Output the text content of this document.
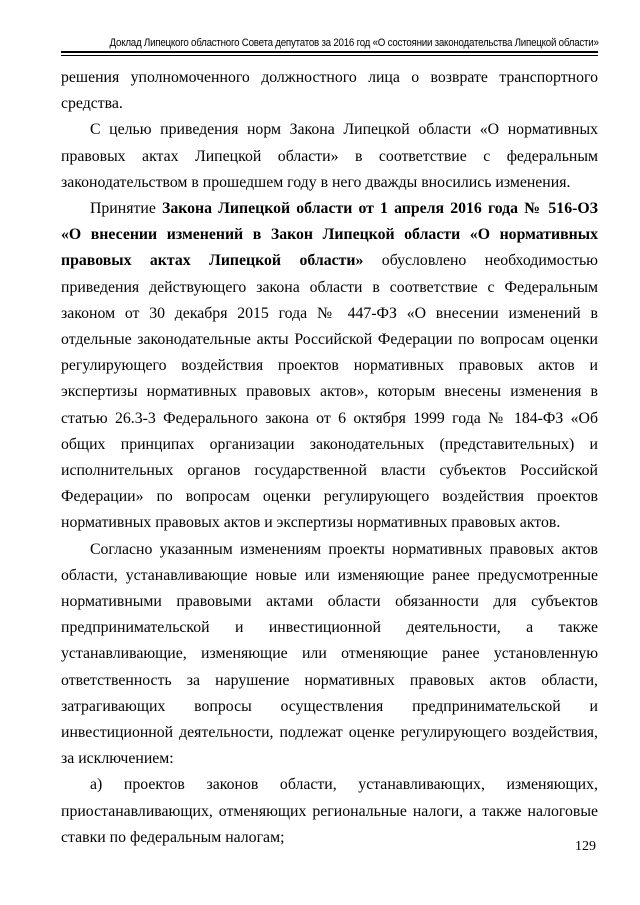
Доклад Липецкого областного Совета депутатов за 2016 год «О состоянии законодательства Липецкой области»

решения уполномоченного должностного лица о возврате транспортного средства.

С целью приведения норм Закона Липецкой области «О нормативных правовых актах Липецкой области» в соответствие с федеральным законодательством в прошедшем году в него дважды вносились изменения.

Принятие Закона Липецкой области от 1 апреля 2016 года № 516-ОЗ «О внесении изменений в Закон Липецкой области «О нормативных правовых актах Липецкой области» обусловлено необходимостью приведения действующего закона области в соответствие с Федеральным законом от 30 декабря 2015 года № 447-ФЗ «О внесении изменений в отдельные законодательные акты Российской Федерации по вопросам оценки регулирующего воздействия проектов нормативных правовых актов и экспертизы нормативных правовых актов», которым внесены изменения в статью 26.3-3 Федерального закона от 6 октября 1999 года № 184-ФЗ «Об общих принципах организации законодательных (представительных) и исполнительных органов государственной власти субъектов Российской Федерации» по вопросам оценки регулирующего воздействия проектов нормативных правовых актов и экспертизы нормативных правовых актов.

Согласно указанным изменениям проекты нормативных правовых актов области, устанавливающие новые или изменяющие ранее предусмотренные нормативными правовыми актами области обязанности для субъектов предпринимательской и инвестиционной деятельности, а также устанавливающие, изменяющие или отменяющие ранее установленную ответственность за нарушение нормативных правовых актов области, затрагивающих вопросы осуществления предпринимательской и инвестиционной деятельности, подлежат оценке регулирующего воздействия, за исключением:

а) проектов законов области, устанавливающих, изменяющих, приостанавливающих, отменяющих региональные налоги, а также налоговые ставки по федеральным налогам;

129
